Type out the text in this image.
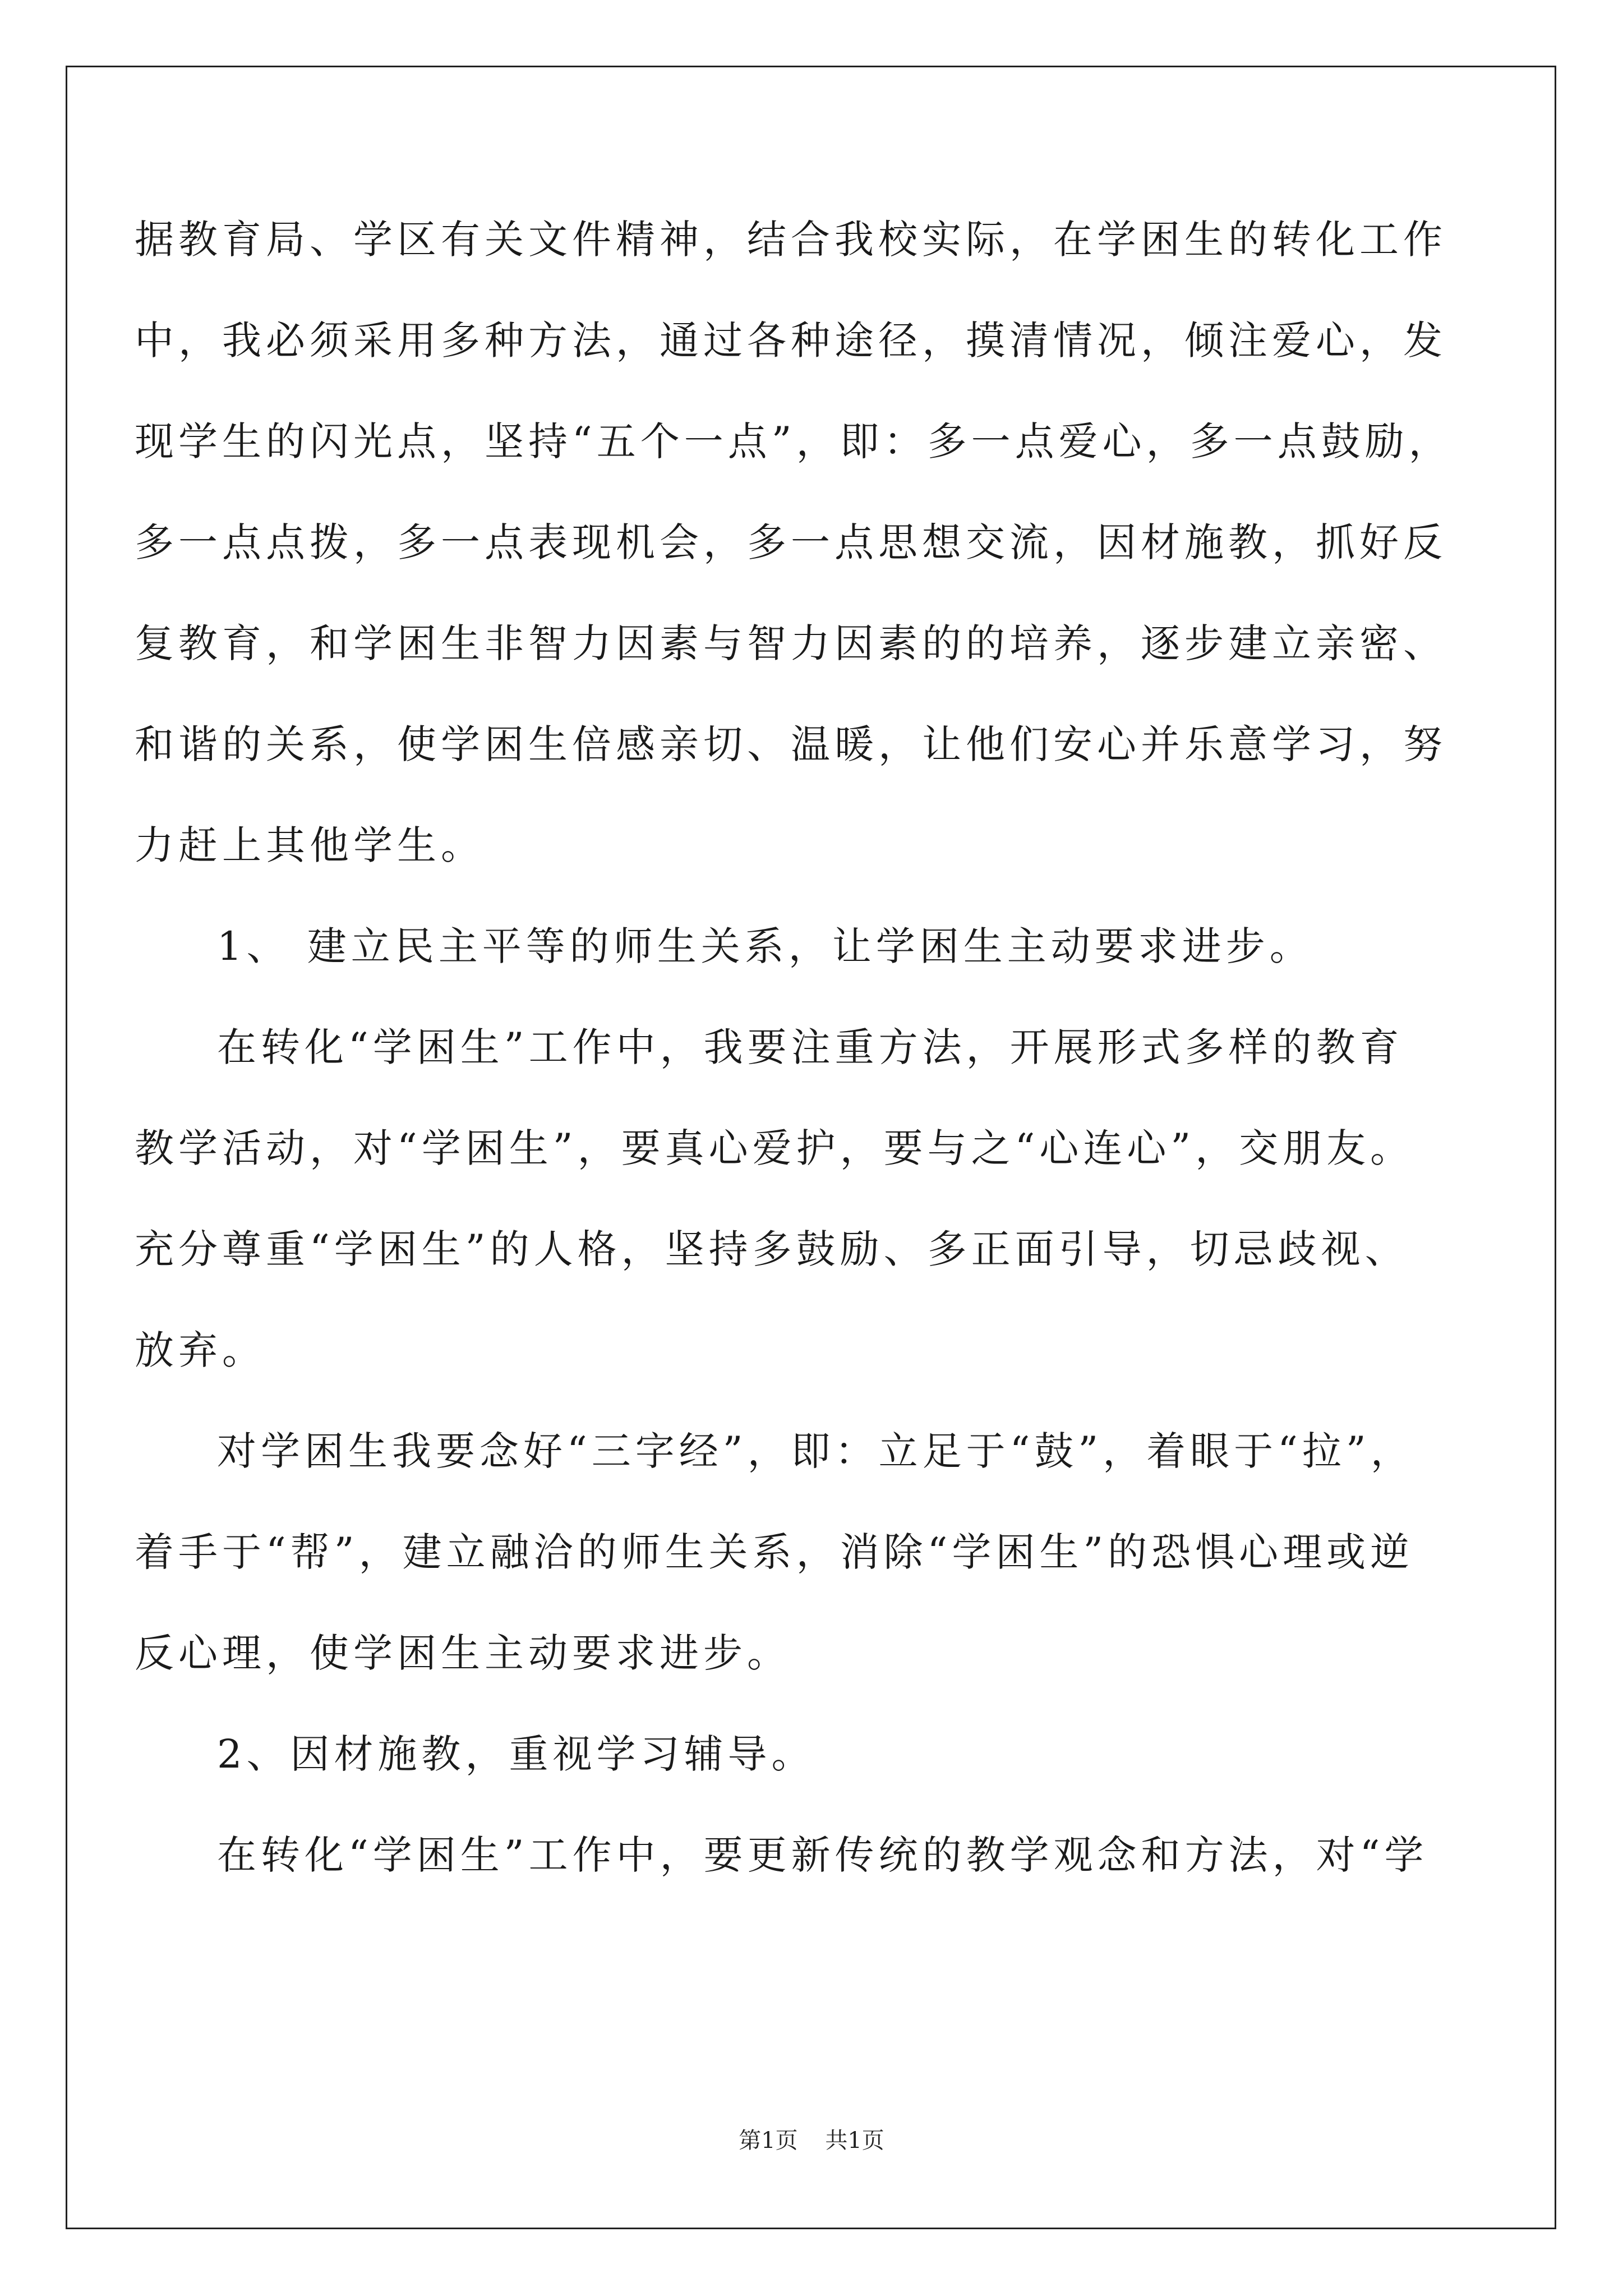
据教育局、学区有关文件精神，结合我校实际，在学困生的转化工作
中，我必须采用多种方法，通过各种途径，摸清情况，倾注爱心，发
现学生的闪光点，坚持“五个一点”，即：多一点爱心，多一点鼓励，
多一点点拨，多一点表现机会，多一点思想交流，因材施教，抓好反
复教育，和学困生非智力因素与智力因素的的培养，逐步建立亲密、
和谐的关系，使学困生倍感亲切、温暖，让他们安心并乐意学习，努
力赶上其他学生。
1、 建立民主平等的师生关系，让学困生主动要求进步。
在转化“学困生”工作中，我要注重方法，开展形式多样的教育
教学活动，对“学困生”，要真心爱护，要与之“心连心”，交朋友。
充分尊重“学困生”的人格，坚持多鼓励、多正面引导，切忌歧视、
放弃。
对学困生我要念好“三字经”，即：立足于“鼓”，着眼于“拉”，
着手于“帮”，建立融洽的师生关系，消除“学困生”的恐惧心理或逆
反心理，使学困生主动要求进步。
2、因材施教，重视学习辅导。
在转化“学困生”工作中，要更新传统的教学观念和方法，对“学
第1页 共1页
